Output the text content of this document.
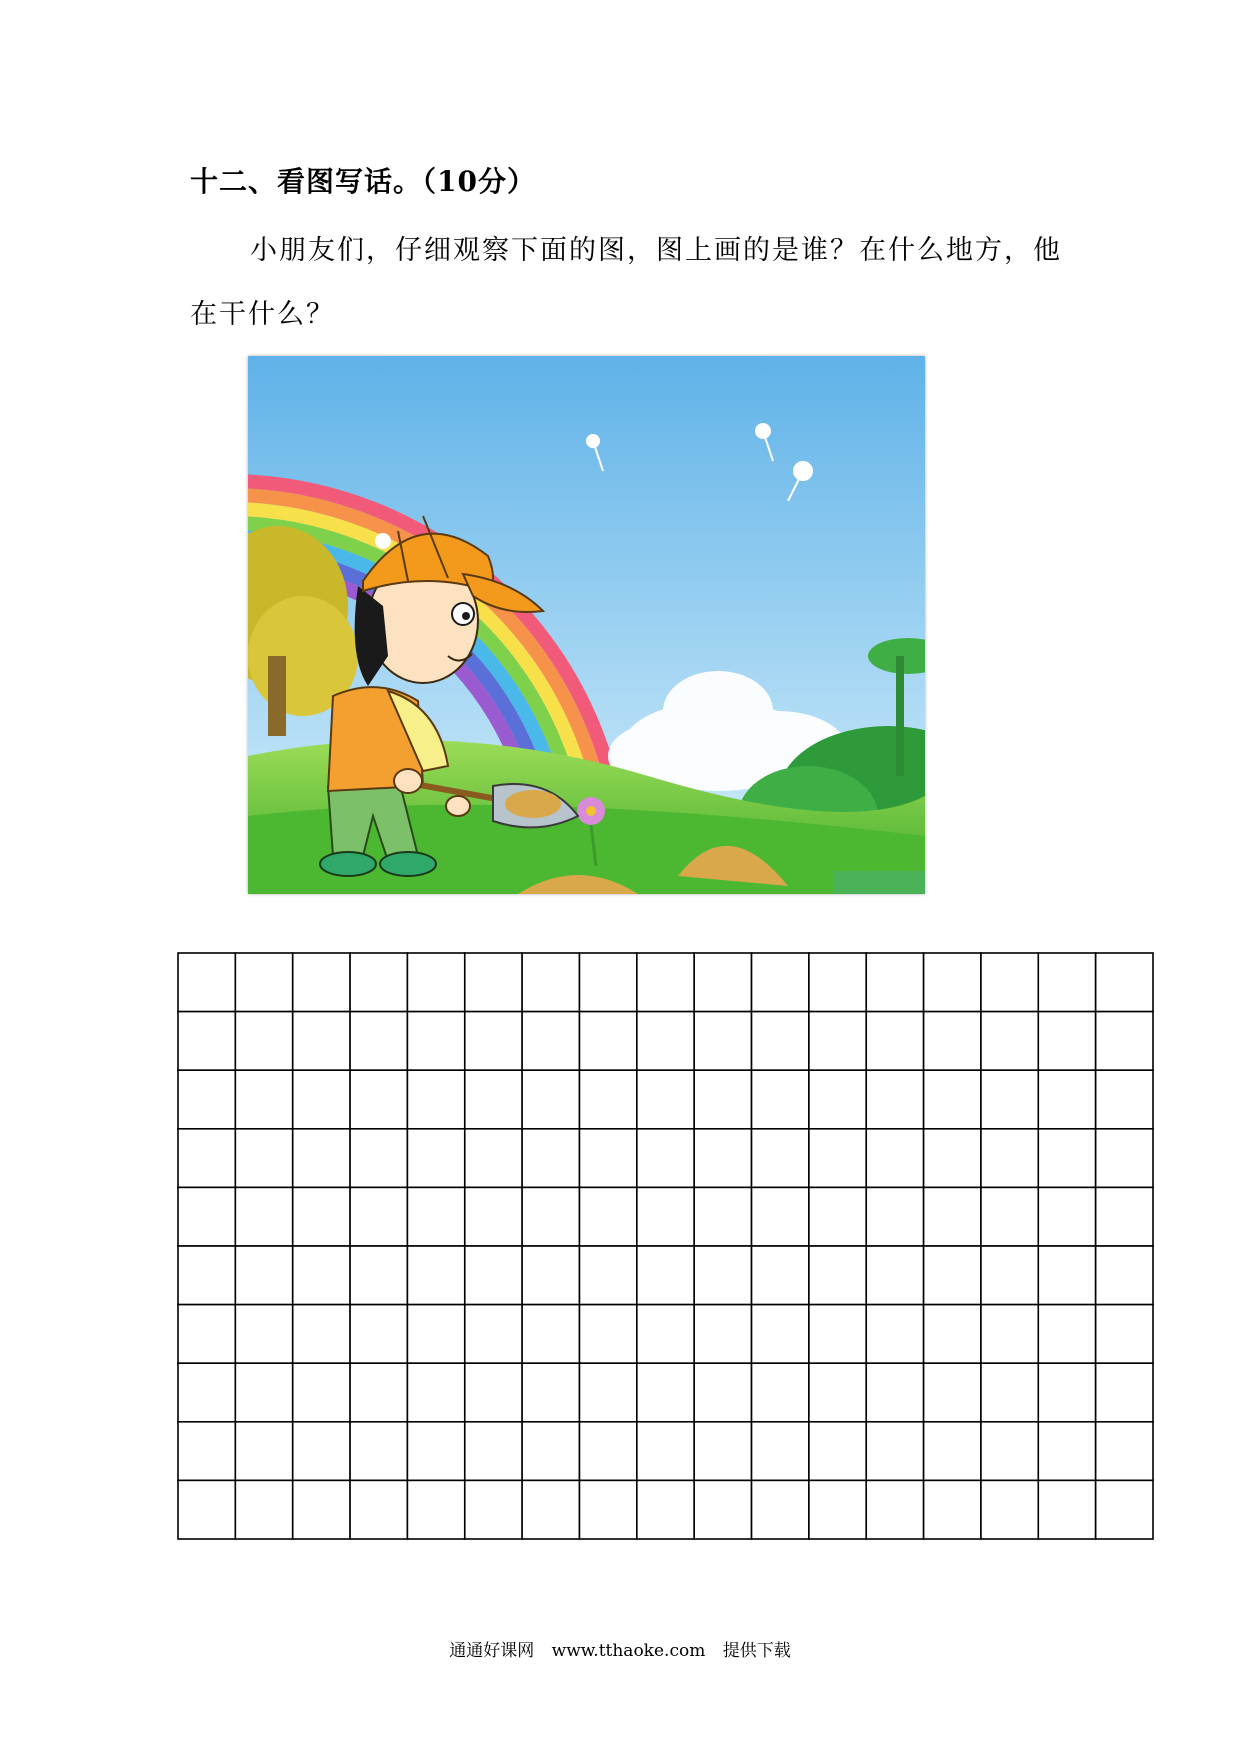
十二、看图写话。（10分）
小朋友们，仔细观察下面的图，图上画的是谁？在什么地方，他
在干什么？
通通好课网 www.tthaoke.com 提供下载
